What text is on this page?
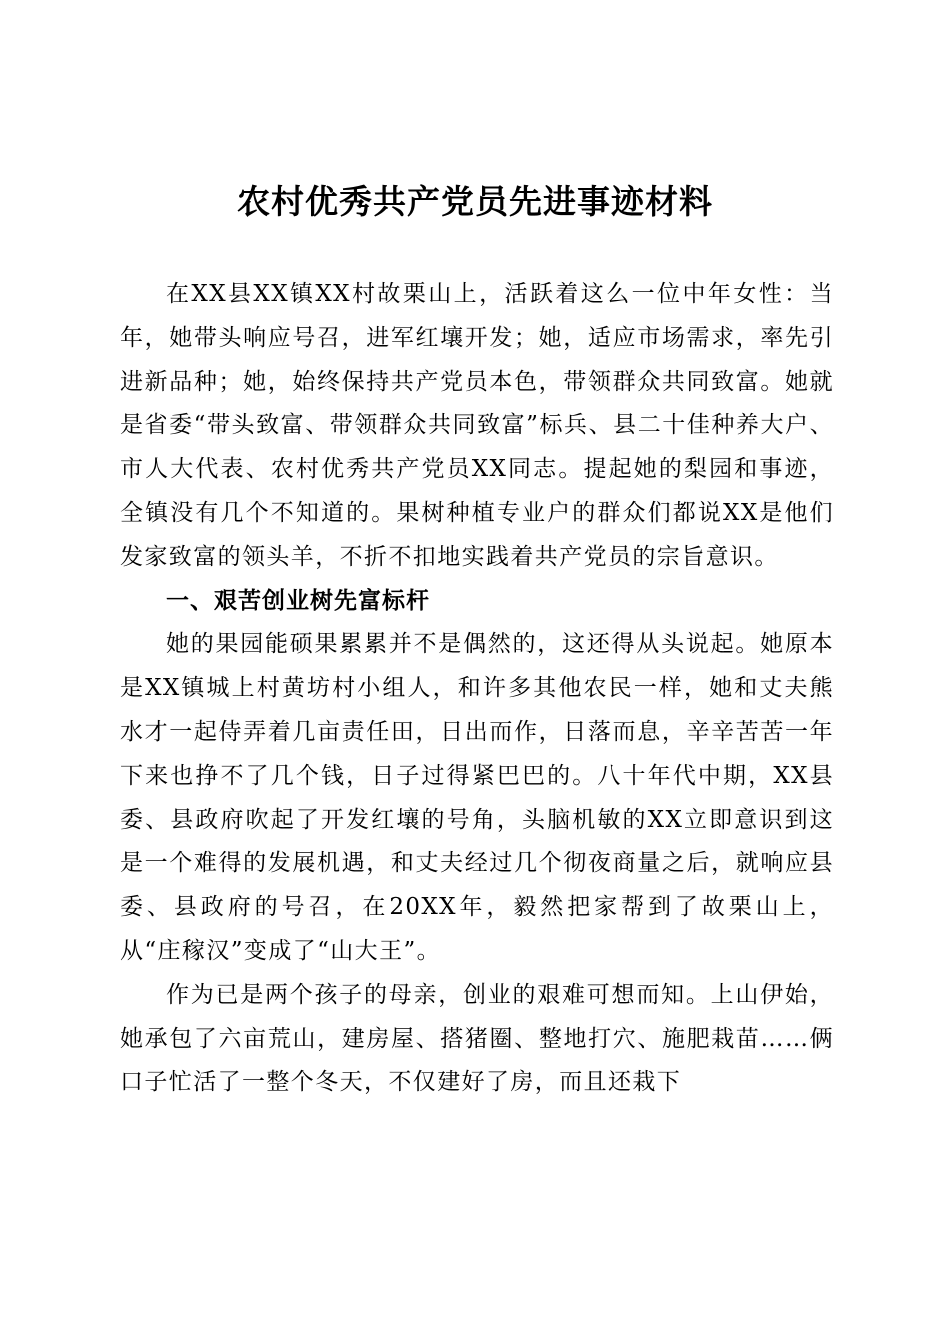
农村优秀共产党员先进事迹材料

在XX县XX镇XX村故栗山上，活跃着这么一位中年女性：当年，她带头响应号召，进军红壤开发；她，适应市场需求，率先引进新品种；她，始终保持共产党员本色，带领群众共同致富。她就是省委“带头致富、带领群众共同致富”标兵、县二十佳种养大户、市人大代表、农村优秀共产党员XX同志。提起她的梨园和事迹，全镇没有几个不知道的。果树种植专业户的群众们都说XX是他们发家致富的领头羊，不折不扣地实践着共产党员的宗旨意识。

一、艰苦创业树先富标杆

她的果园能硕果累累并不是偶然的，这还得从头说起。她原本是XX镇城上村黄坊村小组人，和许多其他农民一样，她和丈夫熊水才一起侍弄着几亩责任田，日出而作，日落而息，辛辛苦苦一年下来也挣不了几个钱，日子过得紧巴巴的。八十年代中期，XX县委、县政府吹起了开发红壤的号角，头脑机敏的XX立即意识到这是一个难得的发展机遇，和丈夫经过几个彻夜商量之后，就响应县委、县政府的号召，在20XX年，毅然把家帮到了故栗山上，从“庄稼汉”变成了“山大王”。

作为已是两个孩子的母亲，创业的艰难可想而知。上山伊始，她承包了六亩荒山，建房屋、搭猪圈、整地打穴、施肥栽苗……俩口子忙活了一整个冬天，不仅建好了房，而且还栽下
